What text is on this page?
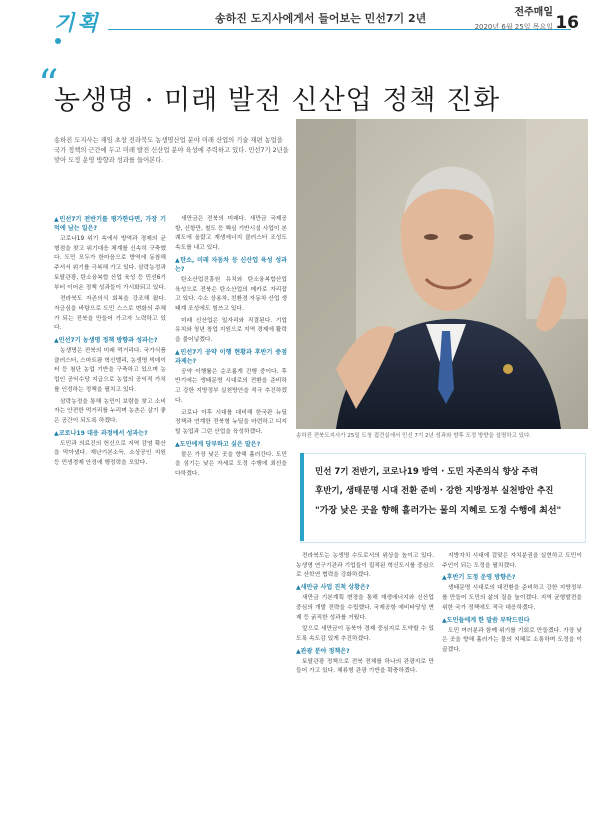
기획	송하진 도지사에게서 들어보는 민선7기 2년	전주매일
2020년 6월 25일 목요일 16
“
농생명 · 미래 발전 신산업 정책 진화
송하진 도지사는 재임 초창 전라북도 농생명산업 분야 미래 산업의 기술 재편 농업을 국가 정책의 근간에 두고 미래 발전 신산업 분야 육성에 주력하고 있다. 민선7기 2년을 맞아 도정 운영 방향과 성과를 들어본다.
송하진 전북도지사가 25일 도청 접견실에서 민선 7기 2년 성과와 향후 도정 방향을 설명하고 있다.
민선 7기 전반기, 코로나19 방역 · 도민 자존의식 향상 주력
후반기, 생태문명 시대 전환 준비 · 강한 지방정부 실천방안 추진
"가장 낮은 곳을 향해 흘러가는 물의 지혜로 도정 수행에 최선"

▲민선7기 전반기를 평가한다면, 가장 기억에 남는 일은?

코로나19 위기 속에서 방역과 경제의 균형점을 찾고 위기대응 체계를 신속히 구축했다. 도민 모두가 한마음으로 방역에 동참해 주셔서 위기를 극복해 가고 있다. 삼락농정과 토탈관광, 탄소융복합 산업 육성 등 민선6기부터 이어온 정책 성과들이 가시화되고 있다.

전라북도 자존의식 회복을 강조해 왔다. 자긍심을 바탕으로 도민 스스로 변화의 주체가 되는 전북을 만들어 가고자 노력하고 있다.

▲민선7기 농생명 정책 방향과 성과는?

농생명은 전북의 미래 먹거리다. 국가식품클러스터, 스마트팜 혁신밸리, 농생명 빅데이터 등 첨단 농업 기반을 구축하고 있으며 농업인 공익수당 지급으로 농업의 공익적 가치를 인정하는 정책을 펼치고 있다.

삼락농정을 통해 농민이 보람을 찾고 소비자는 안전한 먹거리를 누리며 농촌은 살기 좋은 공간이 되도록 하겠다.

▲코로나19 대응 과정에서 성과는?

도민과 의료진의 헌신으로 지역 감염 확산을 막아냈다. 재난기본소득, 소상공인 지원 등 민생경제 안정에 행정력을 모았다.

새만금은 전북의 미래다. 새만금 국제공항, 신항만, 철도 등 핵심 기반시설 사업이 본궤도에 올랐고 재생에너지 클러스터 조성도 속도를 내고 있다.

▲탄소, 미래 자동차 등 신산업 육성 성과는?

탄소산업진흥원 유치와 탄소융복합산업 육성으로 전북은 탄소산업의 메카로 자리잡고 있다. 수소 상용차, 친환경 자동차 산업 생태계 조성에도 힘쓰고 있다.

미래 신산업은 일자리와 직결된다. 기업 유치와 청년 창업 지원으로 지역 경제에 활력을 불어넣겠다.

▲민선7기 공약 이행 현황과 후반기 중점 과제는?

공약 이행률은 순조롭게 진행 중이다. 후반기에는 생태문명 시대로의 전환을 준비하고 강한 지방정부 실천방안을 적극 추진하겠다.

코로나 이후 시대를 대비해 한국판 뉴딜 정책과 연계한 전북형 뉴딜을 마련하고 디지털 농업과 그린 산업을 육성하겠다.

▲도민에게 당부하고 싶은 말은?

물은 가장 낮은 곳을 향해 흘러간다. 도민을 섬기는 낮은 자세로 도정 수행에 최선을 다하겠다.

전라북도는 농생명 수도로서의 위상을 높이고 있다. 농생명 연구기관과 기업들이 집적된 혁신도시를 중심으로 산학연 협력을 강화하겠다.

▲새만금 사업 진척 상황은?

새만금 기본계획 변경을 통해 재생에너지와 신산업 중심의 개발 전략을 수립했다. 국제공항 예비타당성 면제 등 굵직한 성과를 거뒀다.

앞으로 새만금이 동북아 경제 중심지로 도약할 수 있도록 속도감 있게 추진하겠다.

▲관광 분야 정책은?

토탈관광 정책으로 전북 전체를 하나의 관광지로 만들어 가고 있다. 체류형 관광 기반을 확충하겠다.

지방자치 시대에 걸맞은 자치분권을 실현하고 도민이 주인이 되는 도정을 펼치겠다.

▲후반기 도정 운영 방향은?

생태문명 시대로의 대전환을 준비하고 강한 지방정부를 만들어 도민의 삶의 질을 높이겠다. 지역 균형발전을 위한 국가 정책에도 적극 대응하겠다.

▲도민들에게 한 말씀 부탁드린다

도민 여러분과 함께 위기를 기회로 만들겠다. 가장 낮은 곳을 향해 흘러가는 물의 지혜로 소통하며 도정을 이끌겠다.
